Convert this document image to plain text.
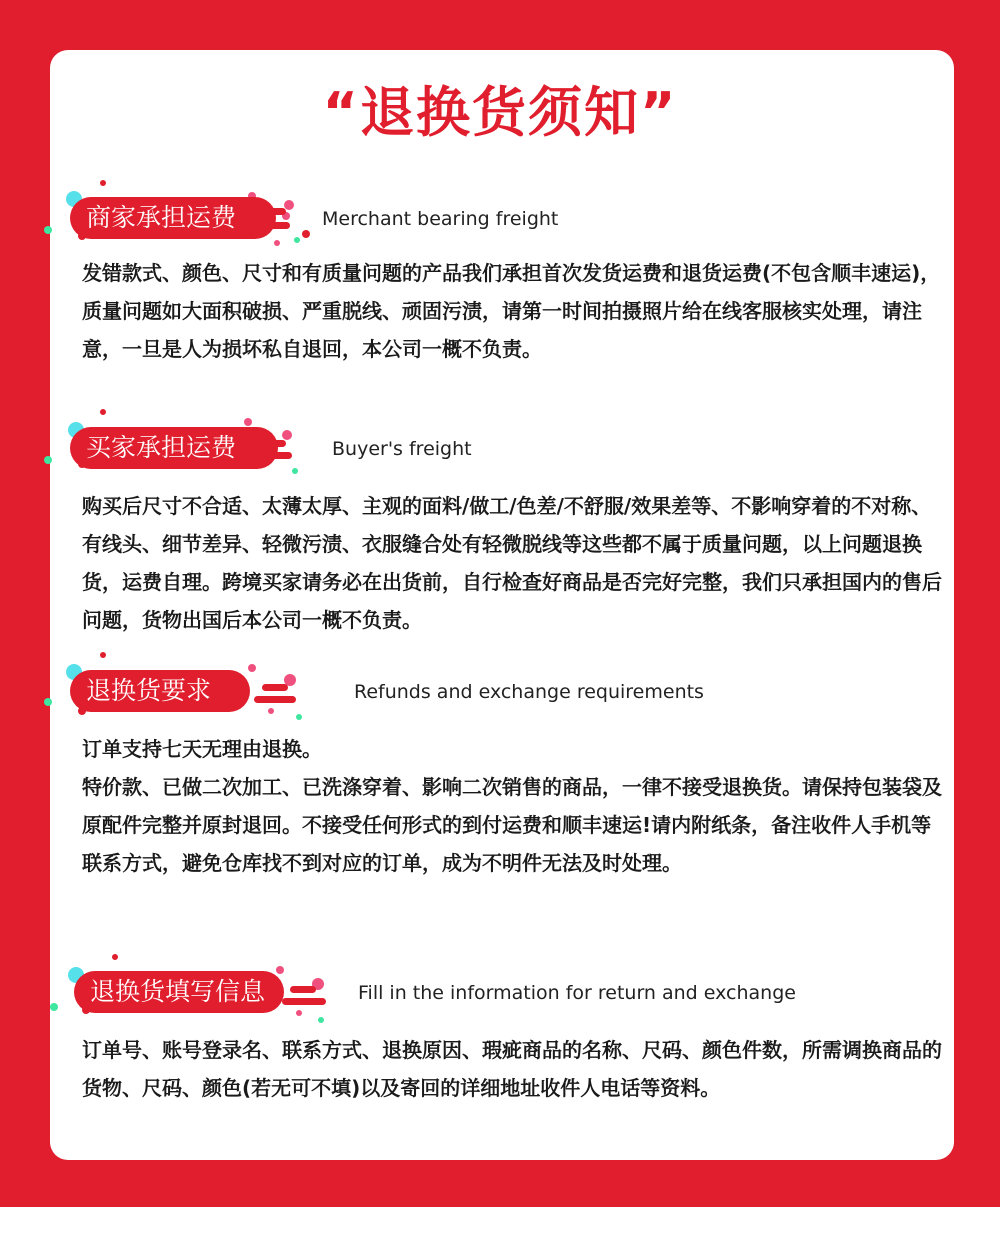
“退换货须知”
商家承担运费	Merchant bearing freight

发错款式、颜色、尺寸和有质量问题的产品我们承担首次发货运费和退货运费(不包含顺丰速运)，质量问题如大面积破损、严重脱线、顽固污渍，请第一时间拍摄照片给在线客服核实处理，请注意，一旦是人为损坏私自退回，本公司一概不负责。

买家承担运费	Buyer's freight

购买后尺寸不合适、太薄太厚、主观的面料/做工/色差/不舒服/效果差等、不影响穿着的不对称、有线头、细节差异、轻微污渍、衣服缝合处有轻微脱线等这些都不属于质量问题，以上问题退换货，运费自理。跨境买家请务必在出货前，自行检查好商品是否完好完整，我们只承担国内的售后问题，货物出国后本公司一概不负责。

退换货要求	Refunds and exchange requirements

订单支持七天无理由退换。

特价款、已做二次加工、已洗涤穿着、影响二次销售的商品，一律不接受退换货。请保持包装袋及原配件完整并原封退回。不接受任何形式的到付运费和顺丰速运!请内附纸条，备注收件人手机等联系方式，避免仓库找不到对应的订单，成为不明件无法及时处理。

退换货填写信息	Fill in the information for return and exchange

订单号、账号登录名、联系方式、退换原因、瑕疵商品的名称、尺码、颜色件数，所需调换商品的货物、尺码、颜色(若无可不填)以及寄回的详细地址收件人电话等资料。
